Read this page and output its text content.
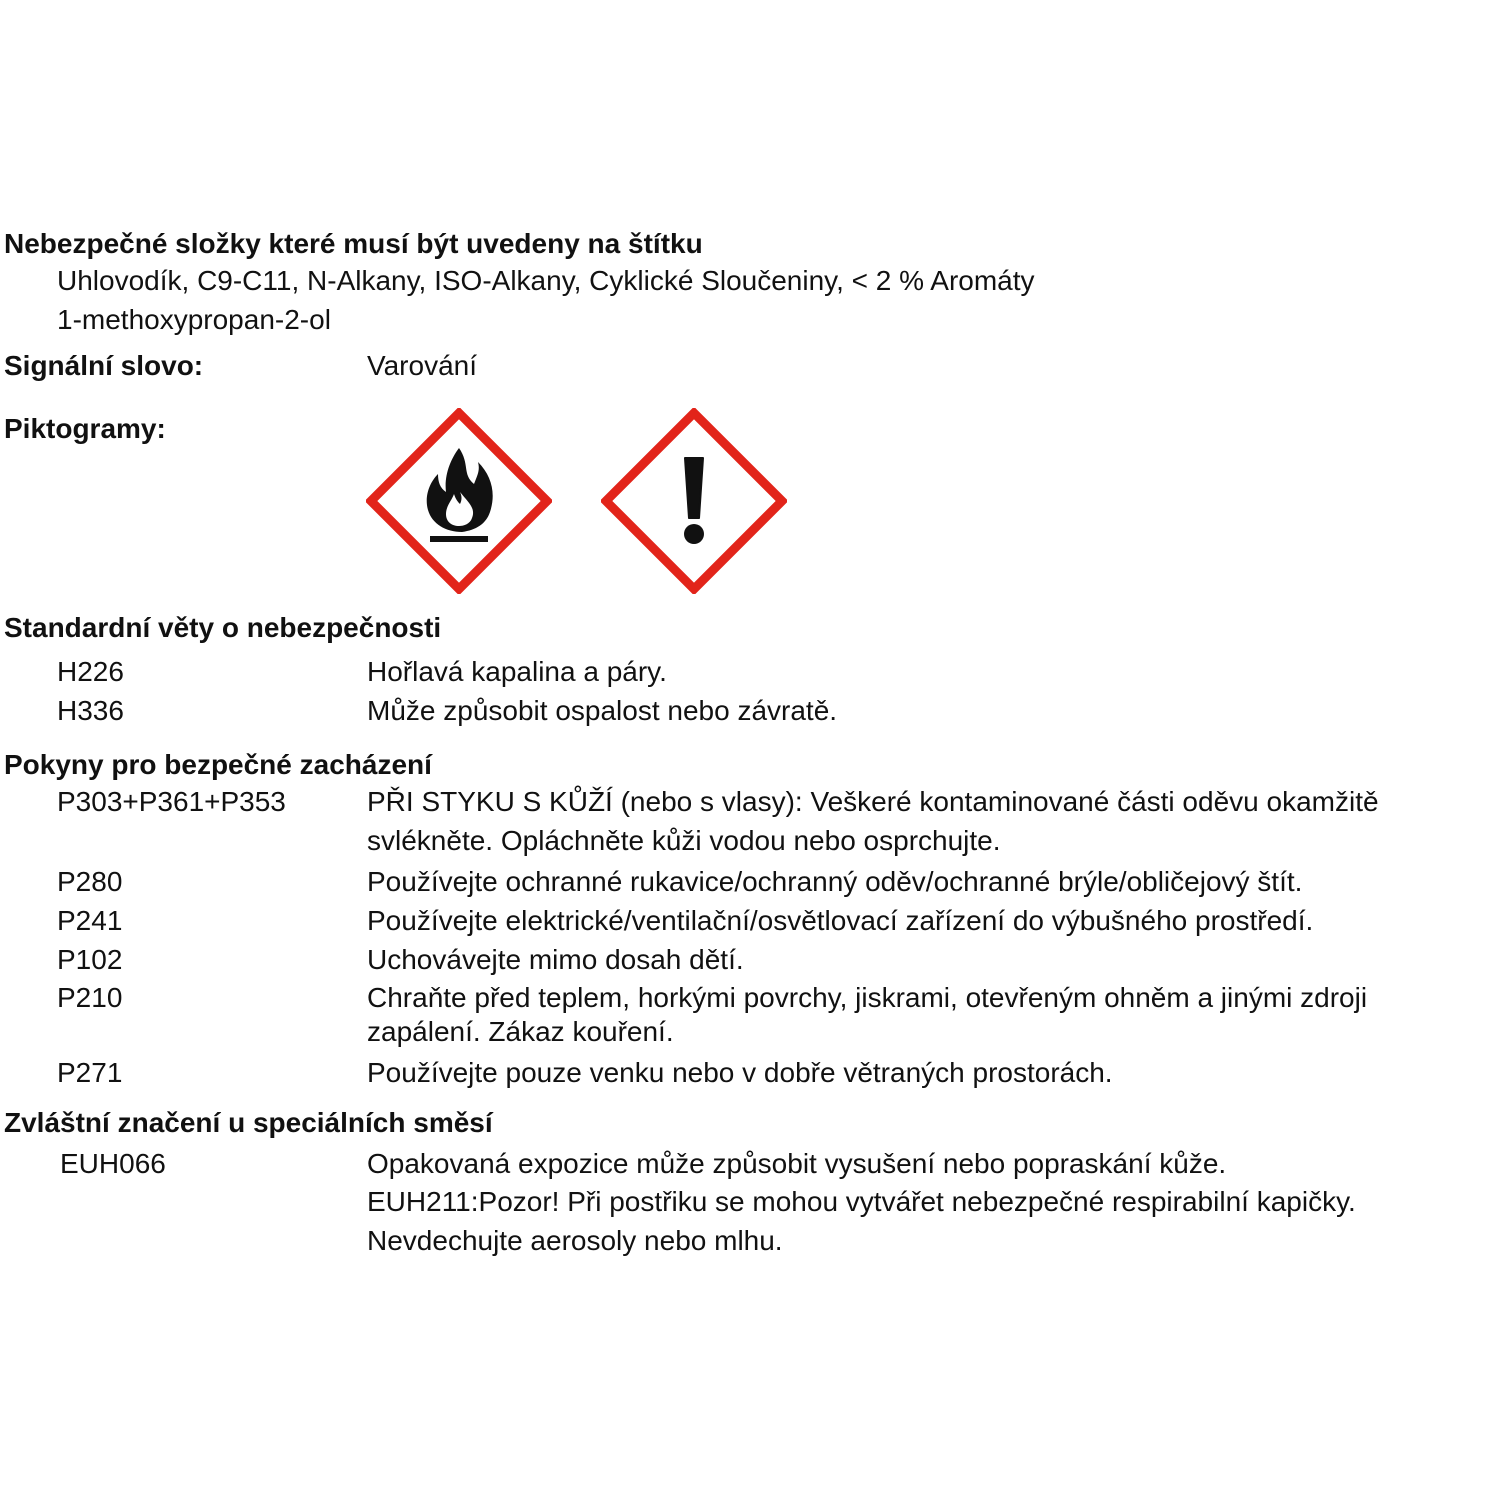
Nebezpečné složky které musí být uvedeny na štítku
Uhlovodík, C9-C11, N-Alkany, ISO-Alkany, Cyklické Sloučeniny, < 2 % Aromáty
1-methoxypropan-2-ol
Signální slovo:	Varování
Piktogramy:
Standardní věty o nebezpečnosti
H226	Hořlavá kapalina a páry.
H336	Může způsobit ospalost nebo závratě.
Pokyny pro bezpečné zacházení
P303+P361+P353	PŘI STYKU S KŮŽÍ (nebo s vlasy): Veškeré kontaminované části oděvu okamžitě
svlékněte. Opláchněte kůži vodou nebo osprchujte.
P280	Používejte ochranné rukavice/ochranný oděv/ochranné brýle/obličejový štít.
P241	Používejte elektrické/ventilační/osvětlovací zařízení do výbušného prostředí.
P102	Uchovávejte mimo dosah dětí.
P210	Chraňte před teplem, horkými povrchy, jiskrami, otevřeným ohněm a jinými zdroji
zapálení. Zákaz kouření.
P271	Používejte pouze venku nebo v dobře větraných prostorách.
Zvláštní značení u speciálních směsí
EUH066	Opakovaná expozice může způsobit vysušení nebo popraskání kůže.
EUH211:Pozor! Při postřiku se mohou vytvářet nebezpečné respirabilní kapičky.
Nevdechujte aerosoly nebo mlhu.
